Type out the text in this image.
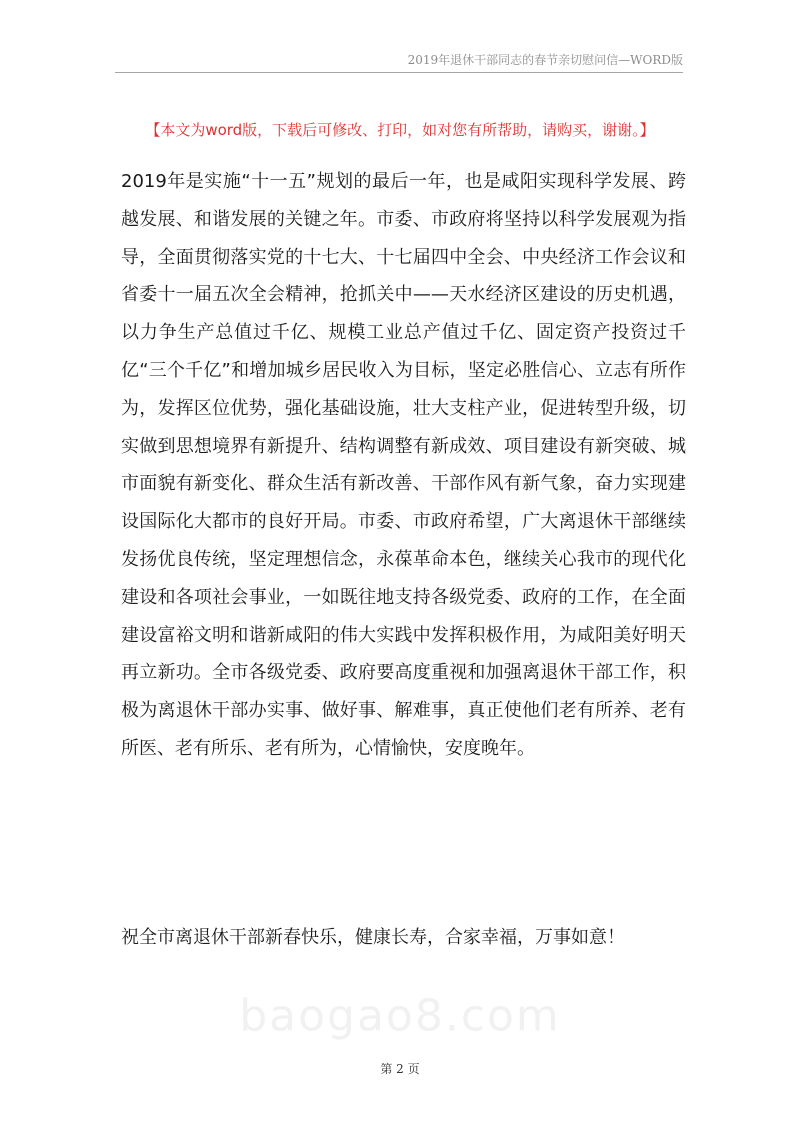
2019年退休干部同志的春节亲切慰问信—WORD版
【本文为word版，下载后可修改、打印，如对您有所帮助，请购买，谢谢。】

2019年是实施“十一五”规划的最后一年，也是咸阳实现科学发展、跨越发展、和谐发展的关键之年。市委、市政府将坚持以科学发展观为指导，全面贯彻落实党的十七大、十七届四中全会、中央经济工作会议和省委十一届五次全会精神，抢抓关中——天水经济区建设的历史机遇，以力争生产总值过千亿、规模工业总产值过千亿、固定资产投资过千亿“三个千亿”和增加城乡居民收入为目标，坚定必胜信心、立志有所作为，发挥区位优势，强化基础设施，壮大支柱产业，促进转型升级，切实做到思想境界有新提升、结构调整有新成效、项目建设有新突破、城市面貌有新变化、群众生活有新改善、干部作风有新气象，奋力实现建设国际化大都市的良好开局。市委、市政府希望，广大离退休干部继续发扬优良传统，坚定理想信念，永葆革命本色，继续关心我市的现代化建设和各项社会事业，一如既往地支持各级党委、政府的工作，在全面建设富裕文明和谐新咸阳的伟大实践中发挥积极作用，为咸阳美好明天再立新功。全市各级党委、政府要高度重视和加强离退休干部工作，积极为离退休干部办实事、做好事、解难事，真正使他们老有所养、老有所医、老有所乐、老有所为，心情愉快，安度晚年。

祝全市离退休干部新春快乐，健康长寿，合家幸福，万事如意！

baogao8.com
第 2 页
